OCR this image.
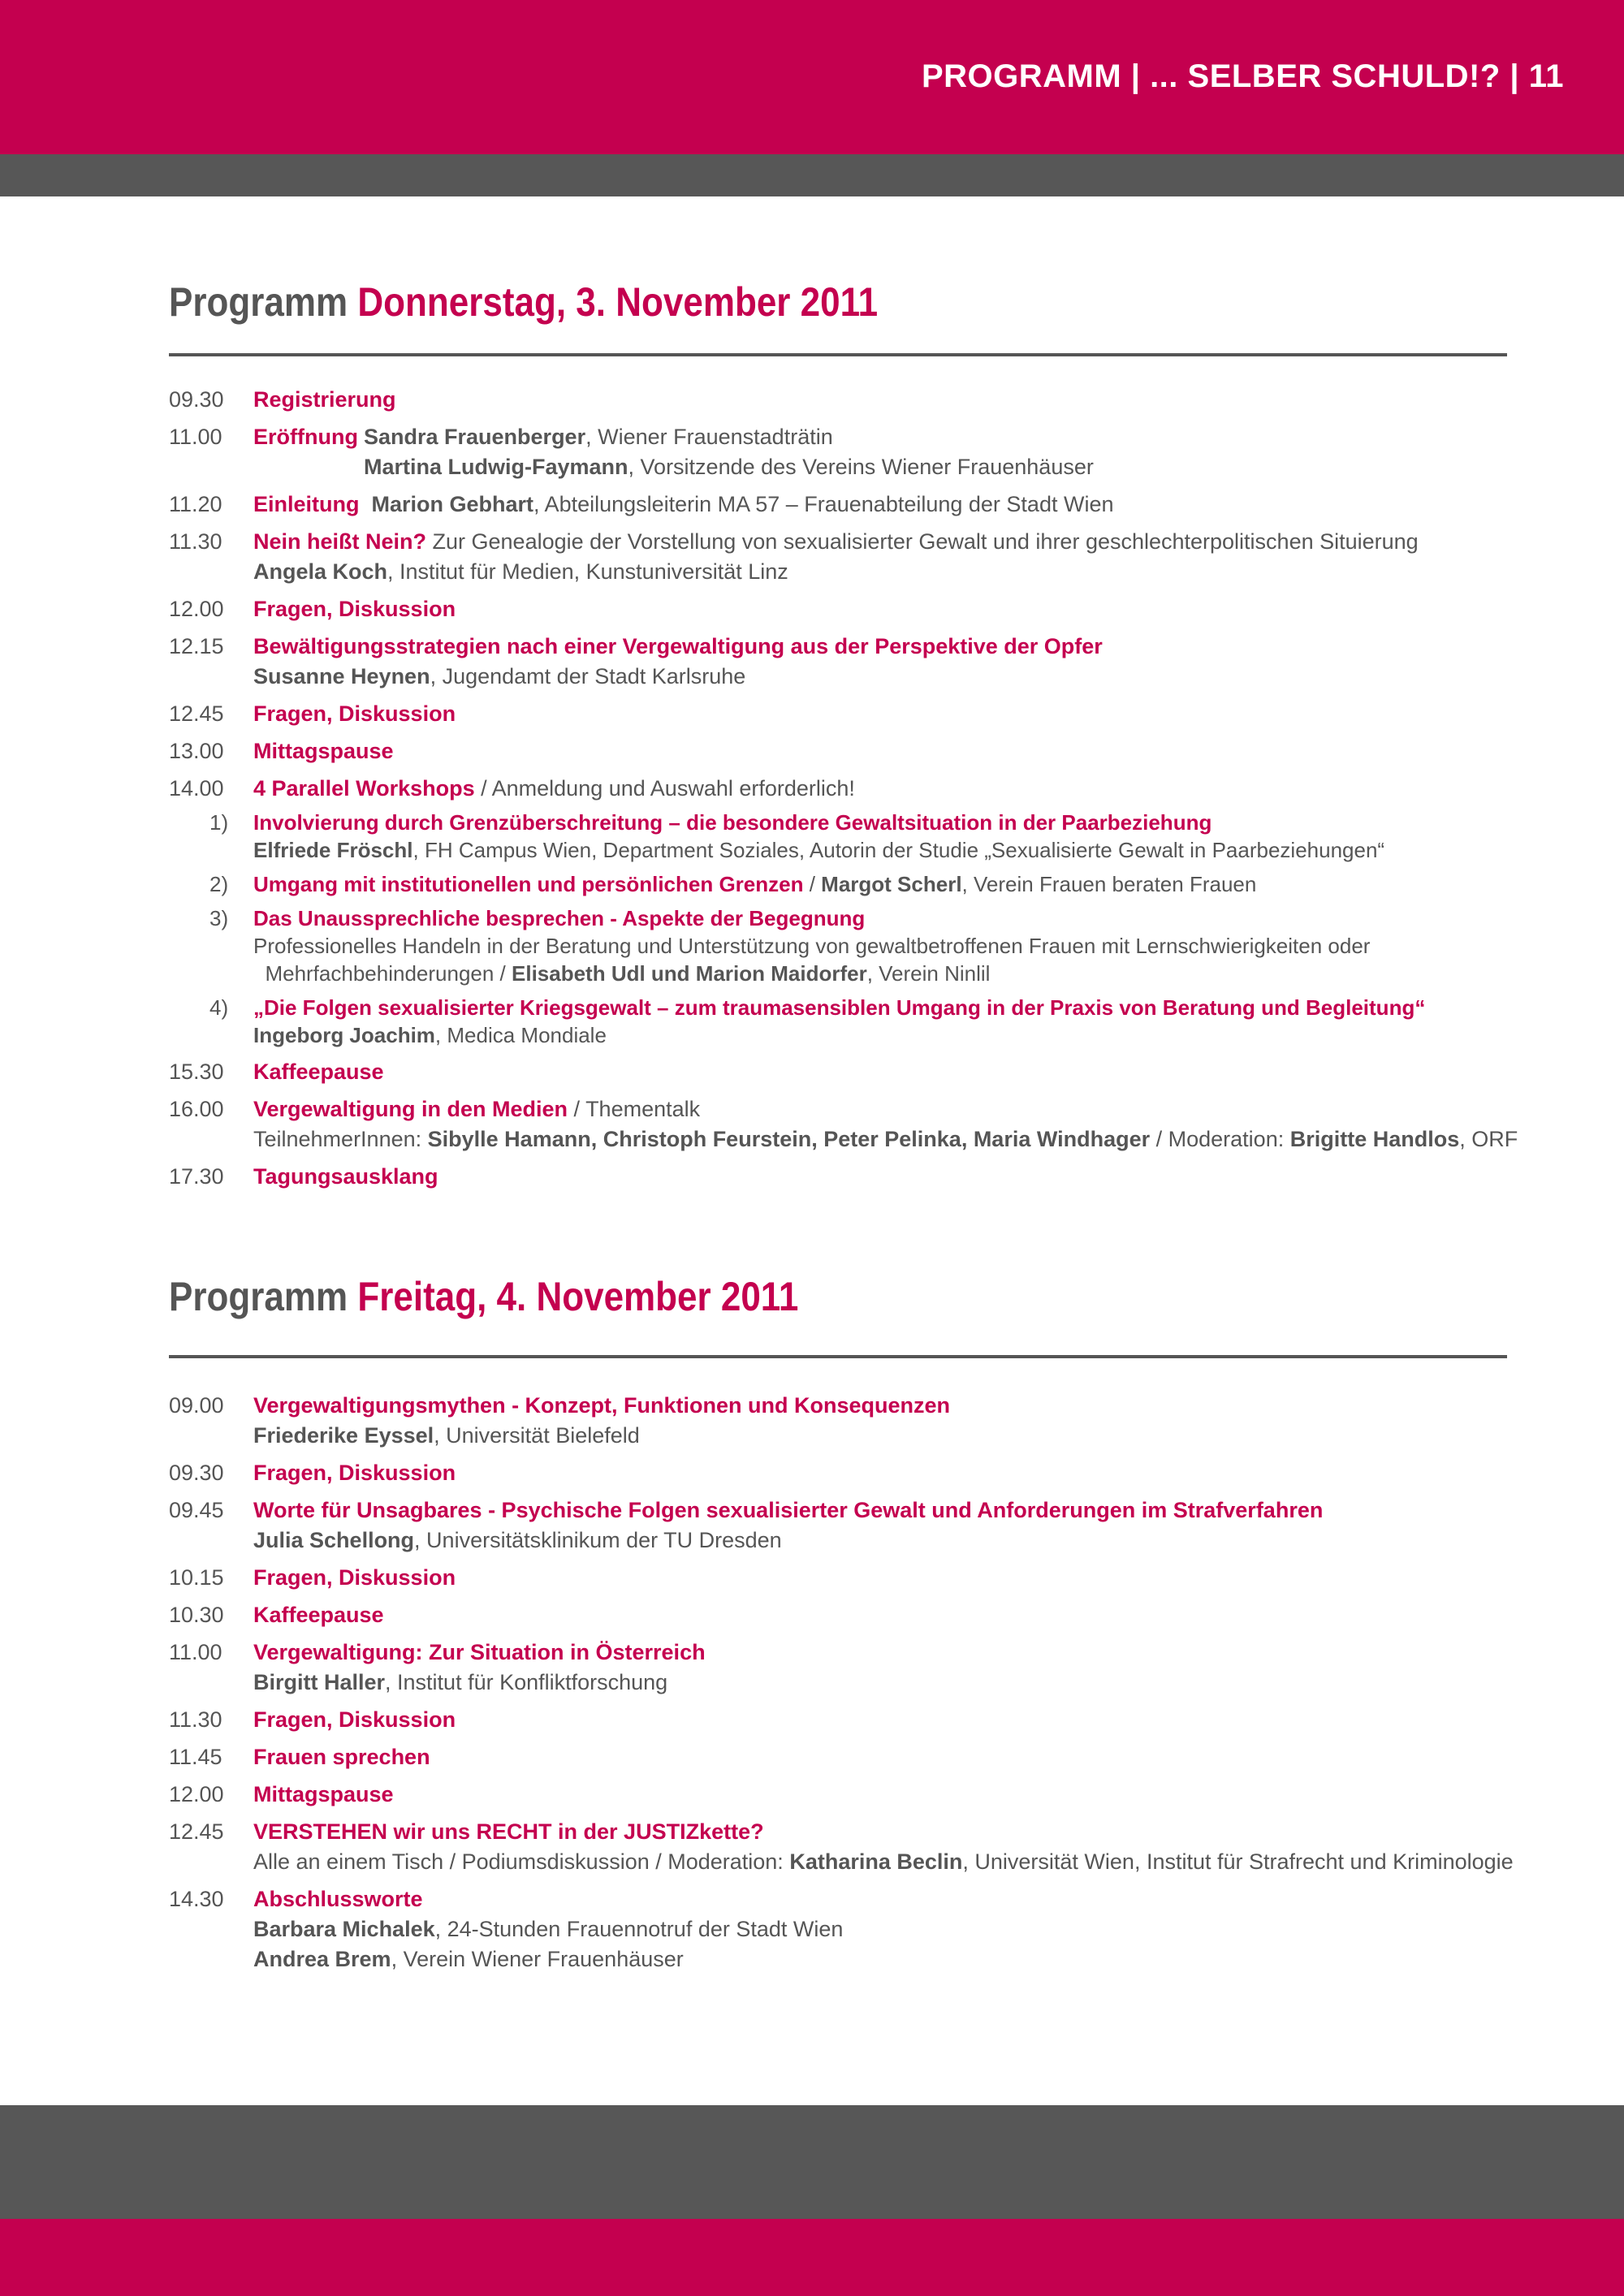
PROGRAMM | ... SELBER SCHULD!? | 11
Programm Donnerstag, 3. November 2011
09.30 Registrierung
11.00 Eröffnung Sandra Frauenberger, Wiener Frauenstadträtin
Martina Ludwig-Faymann, Vorsitzende des Vereins Wiener Frauenhäuser
11.20 Einleitung Marion Gebhart, Abteilungsleiterin MA 57 – Frauenabteilung der Stadt Wien
11.30 Nein heißt Nein? Zur Genealogie der Vorstellung von sexualisierter Gewalt und ihrer geschlechterpolitischen Situierung
Angela Koch, Institut für Medien, Kunstuniversität Linz
12.00 Fragen, Diskussion
12.15 Bewältigungsstrategien nach einer Vergewaltigung aus der Perspektive der Opfer
Susanne Heynen, Jugendamt der Stadt Karlsruhe
12.45 Fragen, Diskussion
13.00 Mittagspause
14.00 4 Parallel Workshops / Anmeldung und Auswahl erforderlich!
1) Involvierung durch Grenzüberschreitung – die besondere Gewaltsituation in der Paarbeziehung
Elfriede Fröschl, FH Campus Wien, Department Soziales, Autorin der Studie „Sexualisierte Gewalt in Paarbeziehungen“
2) Umgang mit institutionellen und persönlichen Grenzen / Margot Scherl, Verein Frauen beraten Frauen
3) Das Unaussprechliche besprechen - Aspekte der Begegnung
Professionelles Handeln in der Beratung und Unterstützung von gewaltbetroffenen Frauen mit Lernschwierigkeiten oder
Mehrfachbehinderungen / Elisabeth Udl und Marion Maidorfer, Verein Ninlil
4) „Die Folgen sexualisierter Kriegsgewalt – zum traumasensiblen Umgang in der Praxis von Beratung und Begleitung“
Ingeborg Joachim, Medica Mondiale
15.30 Kaffeepause
16.00 Vergewaltigung in den Medien / Thementalk
TeilnehmerInnen: Sibylle Hamann, Christoph Feurstein, Peter Pelinka, Maria Windhager / Moderation: Brigitte Handlos, ORF
17.30 Tagungsausklang
Programm Freitag, 4. November 2011
09.00 Vergewaltigungsmythen - Konzept, Funktionen und Konsequenzen
Friederike Eyssel, Universität Bielefeld
09.30 Fragen, Diskussion
09.45 Worte für Unsagbares - Psychische Folgen sexualisierter Gewalt und Anforderungen im Strafverfahren
Julia Schellong, Universitätsklinikum der TU Dresden
10.15 Fragen, Diskussion
10.30 Kaffeepause
11.00 Vergewaltigung: Zur Situation in Österreich
Birgitt Haller, Institut für Konfliktforschung
11.30 Fragen, Diskussion
11.45 Frauen sprechen
12.00 Mittagspause
12.45 VERSTEHEN wir uns RECHT in der JUSTIZkette?
Alle an einem Tisch / Podiumsdiskussion / Moderation: Katharina Beclin, Universität Wien, Institut für Strafrecht und Kriminologie
14.30 Abschlussworte
Barbara Michalek, 24-Stunden Frauennotruf der Stadt Wien
Andrea Brem, Verein Wiener Frauenhäuser
